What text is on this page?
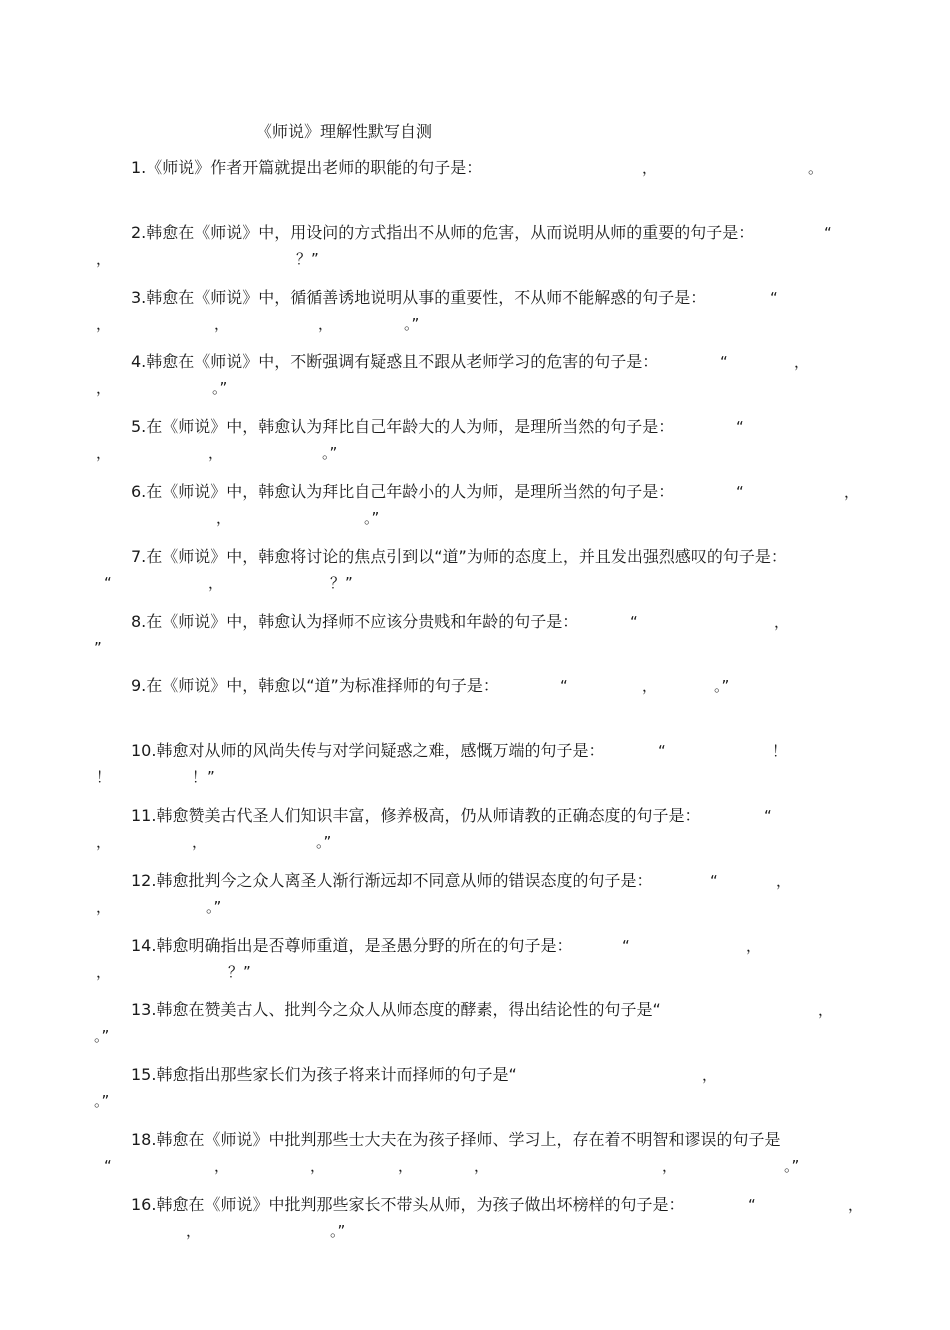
《师说》理解性默写自测
1.《师说》作者开篇就提出老师的职能的句子是：	，	。
2.韩愈在《师说》中，用设问的方式指出不从师的危害，从而说明从师的重要的句子是：	“
，	？”
3.韩愈在《师说》中，循循善诱地说明从事的重要性，不从师不能解惑的句子是：	“
，	，	，	。”
4.韩愈在《师说》中，不断强调有疑惑且不跟从老师学习的危害的句子是：	“	，
，	。”
5.在《师说》中，韩愈认为拜比自己年龄大的人为师，是理所当然的句子是：	“
，	，	。”
6.在《师说》中，韩愈认为拜比自己年龄小的人为师，是理所当然的句子是：	“	，
，	。”
7.在《师说》中，韩愈将讨论的焦点引到以“道”为师的态度上，并且发出强烈感叹的句子是：
“	，	？”
8.在《师说》中，韩愈认为择师不应该分贵贱和年龄的句子是：	“	，
”
9.在《师说》中，韩愈以“道”为标准择师的句子是：	“	，	。”
10.韩愈对从师的风尚失传与对学问疑惑之难，感慨万端的句子是：	“	！
！	！”
11.韩愈赞美古代圣人们知识丰富，修养极高，仍从师请教的正确态度的句子是：	“
，	，	。”
12.韩愈批判今之众人离圣人渐行渐远却不同意从师的错误态度的句子是：	“	，
，	。”
14.韩愈明确指出是否尊师重道，是圣愚分野的所在的句子是：	“	，
，	？”
13.韩愈在赞美古人、批判今之众人从师态度的酵素，得出结论性的句子是“	，
。”
15.韩愈指出那些家长们为孩子将来计而择师的句子是“	，
。”
18.韩愈在《师说》中批判那些士大夫在为孩子择师、学习上，存在着不明智和谬误的句子是
“	，	，	，	，	，	。”
16.韩愈在《师说》中批判那些家长不带头从师，为孩子做出坏榜样的句子是：	“	，
，	。”
